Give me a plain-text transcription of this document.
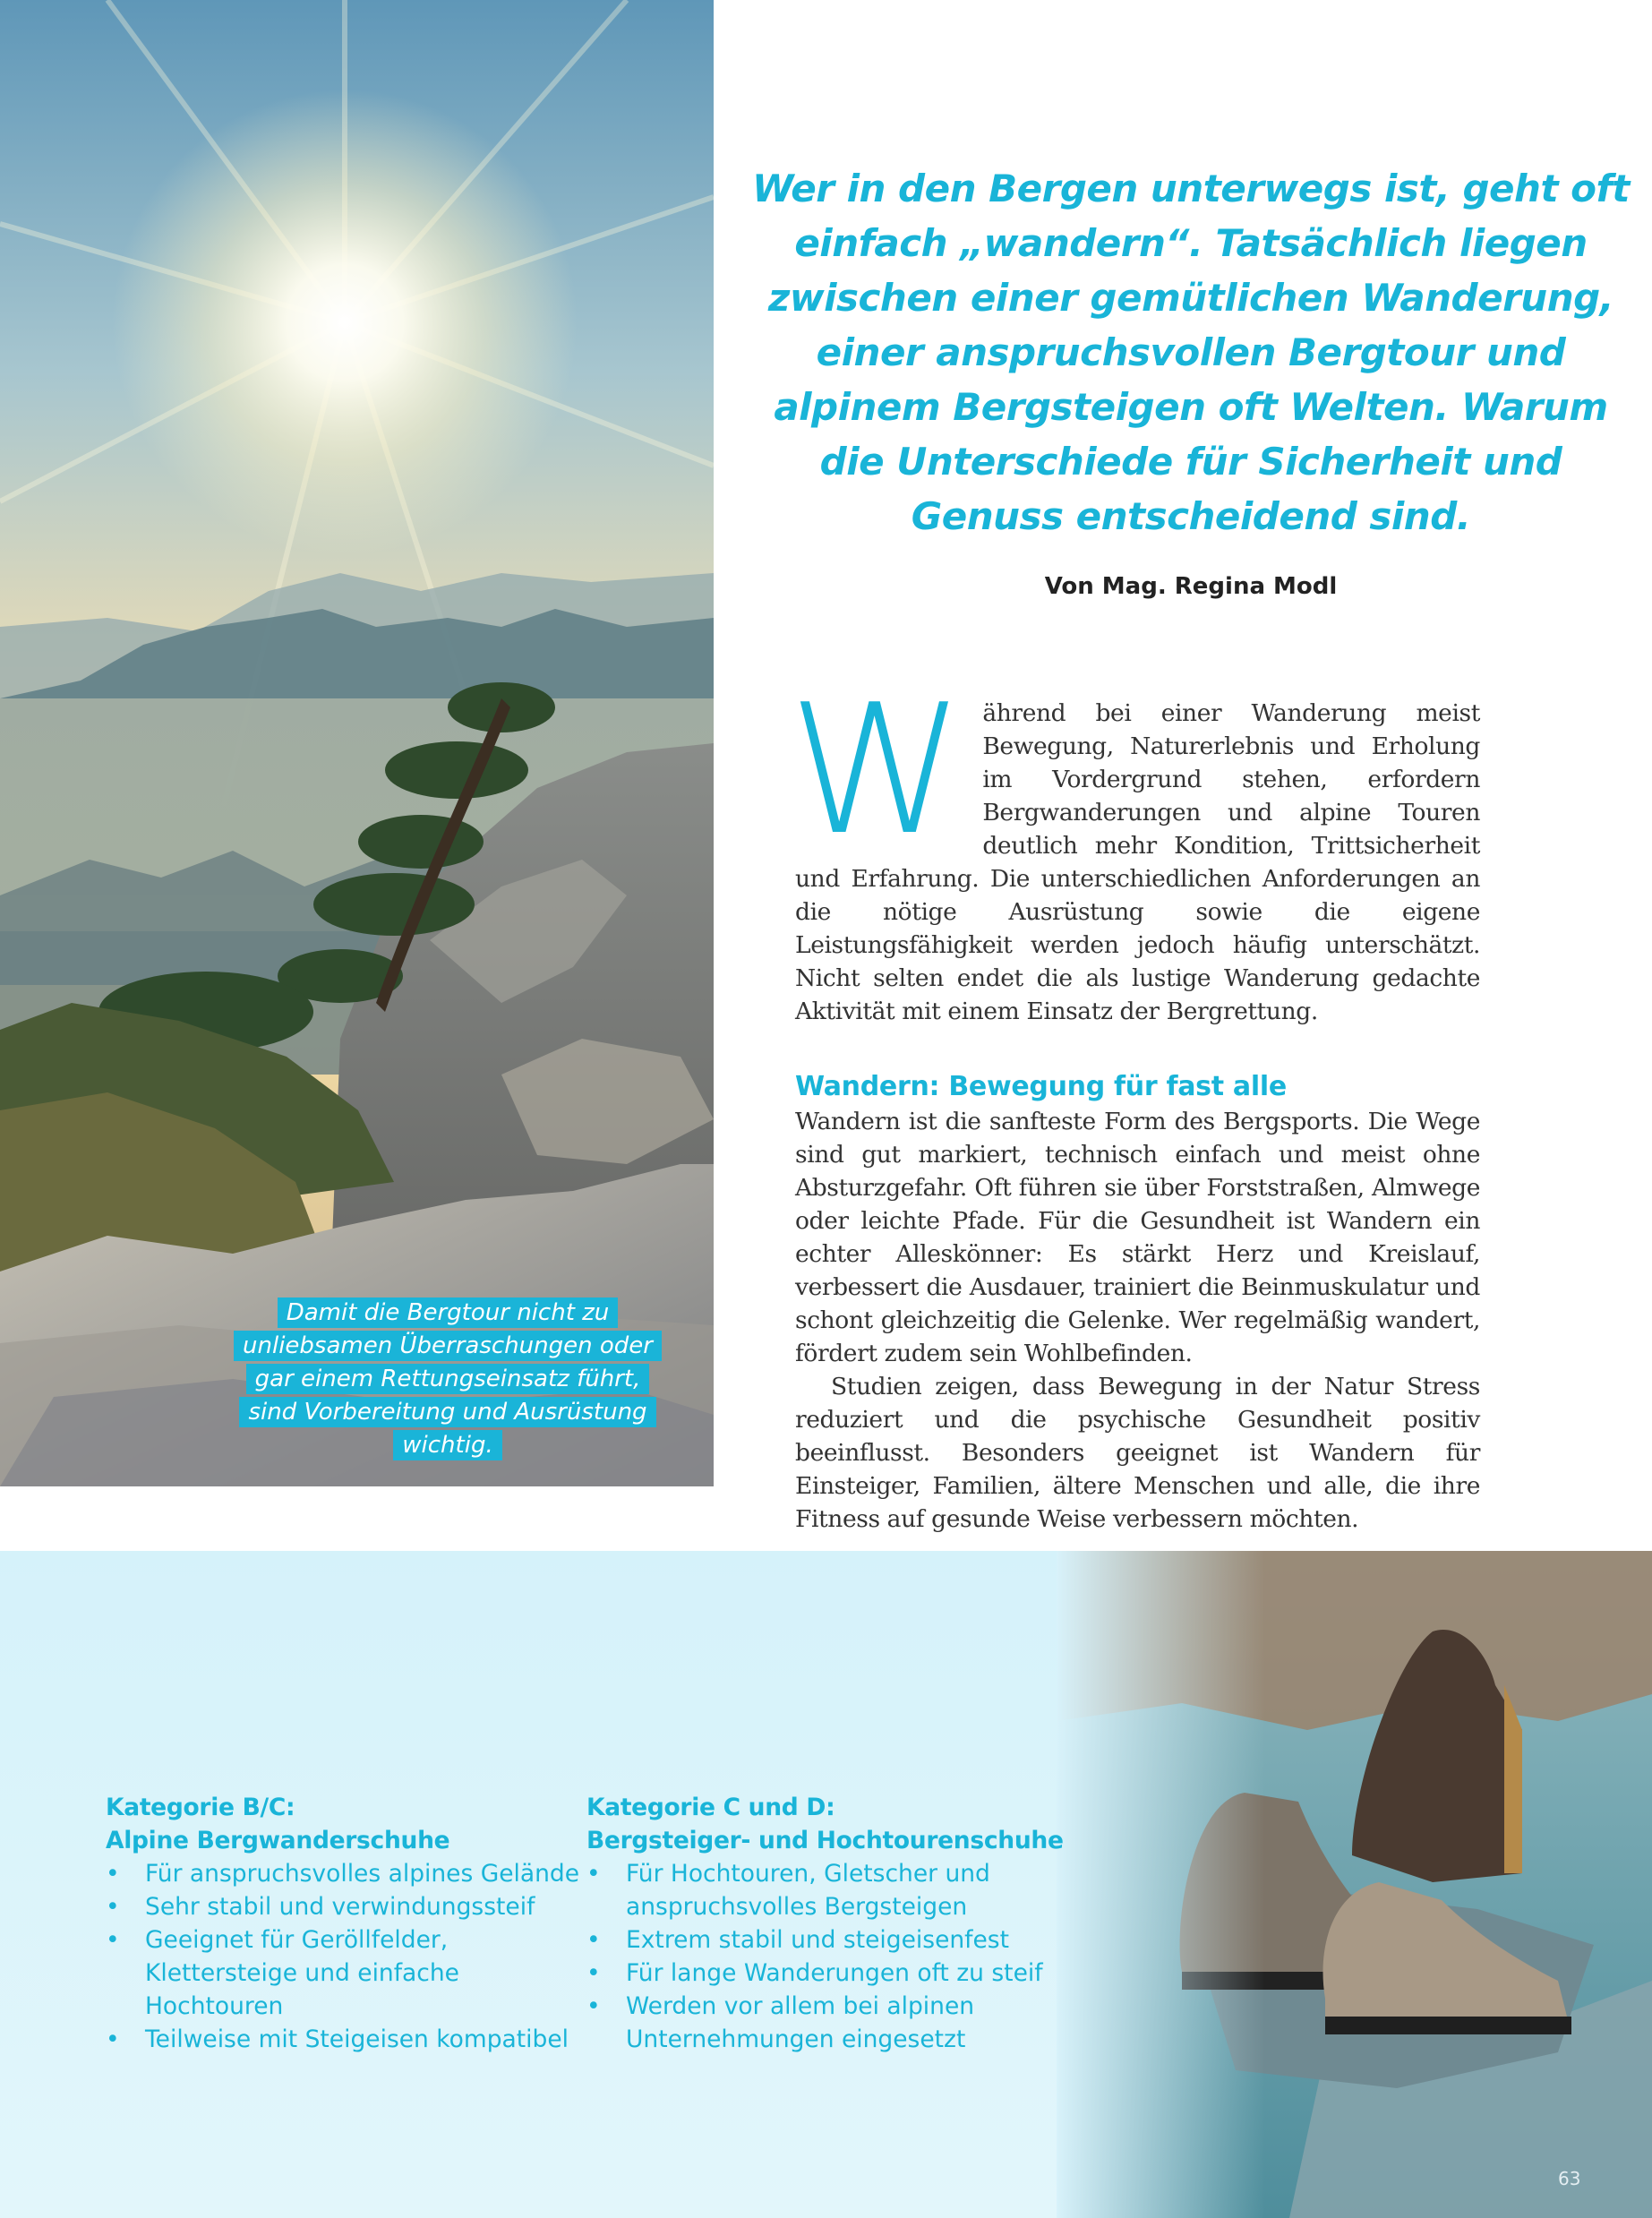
Damit die Bergtour nicht zu unliebsamen Überraschungen oder gar einem Rettungseinsatz führt, sind Vorbereitung und Ausrüstung wichtig.

Wer in den Bergen unterwegs ist, geht oft einfach „wandern“. Tatsächlich liegen zwischen einer gemütlichen Wanderung, einer anspruchsvollen Bergtour und alpinem Bergsteigen oft Welten. Warum die Unterschiede für Sicherheit und Genuss entscheidend sind.

Von Mag. Regina Modl

Während bei einer Wanderung meist Bewegung, Naturerlebnis und Erholung im Vordergrund stehen, erfordern Bergwanderungen und alpine Touren deutlich mehr Kondition, Trittsicherheit und Erfahrung. Die unterschiedlichen Anforderungen an die nötige Ausrüstung sowie die eigene Leistungsfähigkeit werden jedoch häufig unterschätzt. Nicht selten endet die als lustige Wanderung gedachte Aktivität mit einem Einsatz der Bergrettung.

Wandern: Bewegung für fast alle

Wandern ist die sanfteste Form des Bergsports. Die Wege sind gut markiert, technisch einfach und meist ohne Absturzgefahr. Oft führen sie über Forststraßen, Almwege oder leichte Pfade. Für die Gesundheit ist Wandern ein echter Alleskönner: Es stärkt Herz und Kreislauf, verbessert die Ausdauer, trainiert die Beinmuskulatur und schont gleichzeitig die Gelenke. Wer regelmäßig wandert, fördert zudem sein Wohlbefinden.

Studien zeigen, dass Bewegung in der Natur Stress reduziert und die psychische Gesundheit positiv beeinflusst. Besonders geeignet ist Wandern für Einsteiger, Familien, ältere Menschen und alle, die ihre Fitness auf gesunde Weise verbessern möchten.

Kategorie B/C:
Alpine Bergwanderschuhe
• Für anspruchsvolles alpines Gelände
• Sehr stabil und verwindungssteif
• Geeignet für Geröllfelder, Klettersteige und einfache Hochtouren
• Teilweise mit Steigeisen kompatibel
Kategorie C und D:
Bergsteiger- und Hochtourenschuhe
• Für Hochtouren, Gletscher und anspruchsvolles Bergsteigen
• Extrem stabil und steigeisenfest
• Für lange Wanderungen oft zu steif
• Werden vor allem bei alpinen Unternehmungen eingesetzt
63
